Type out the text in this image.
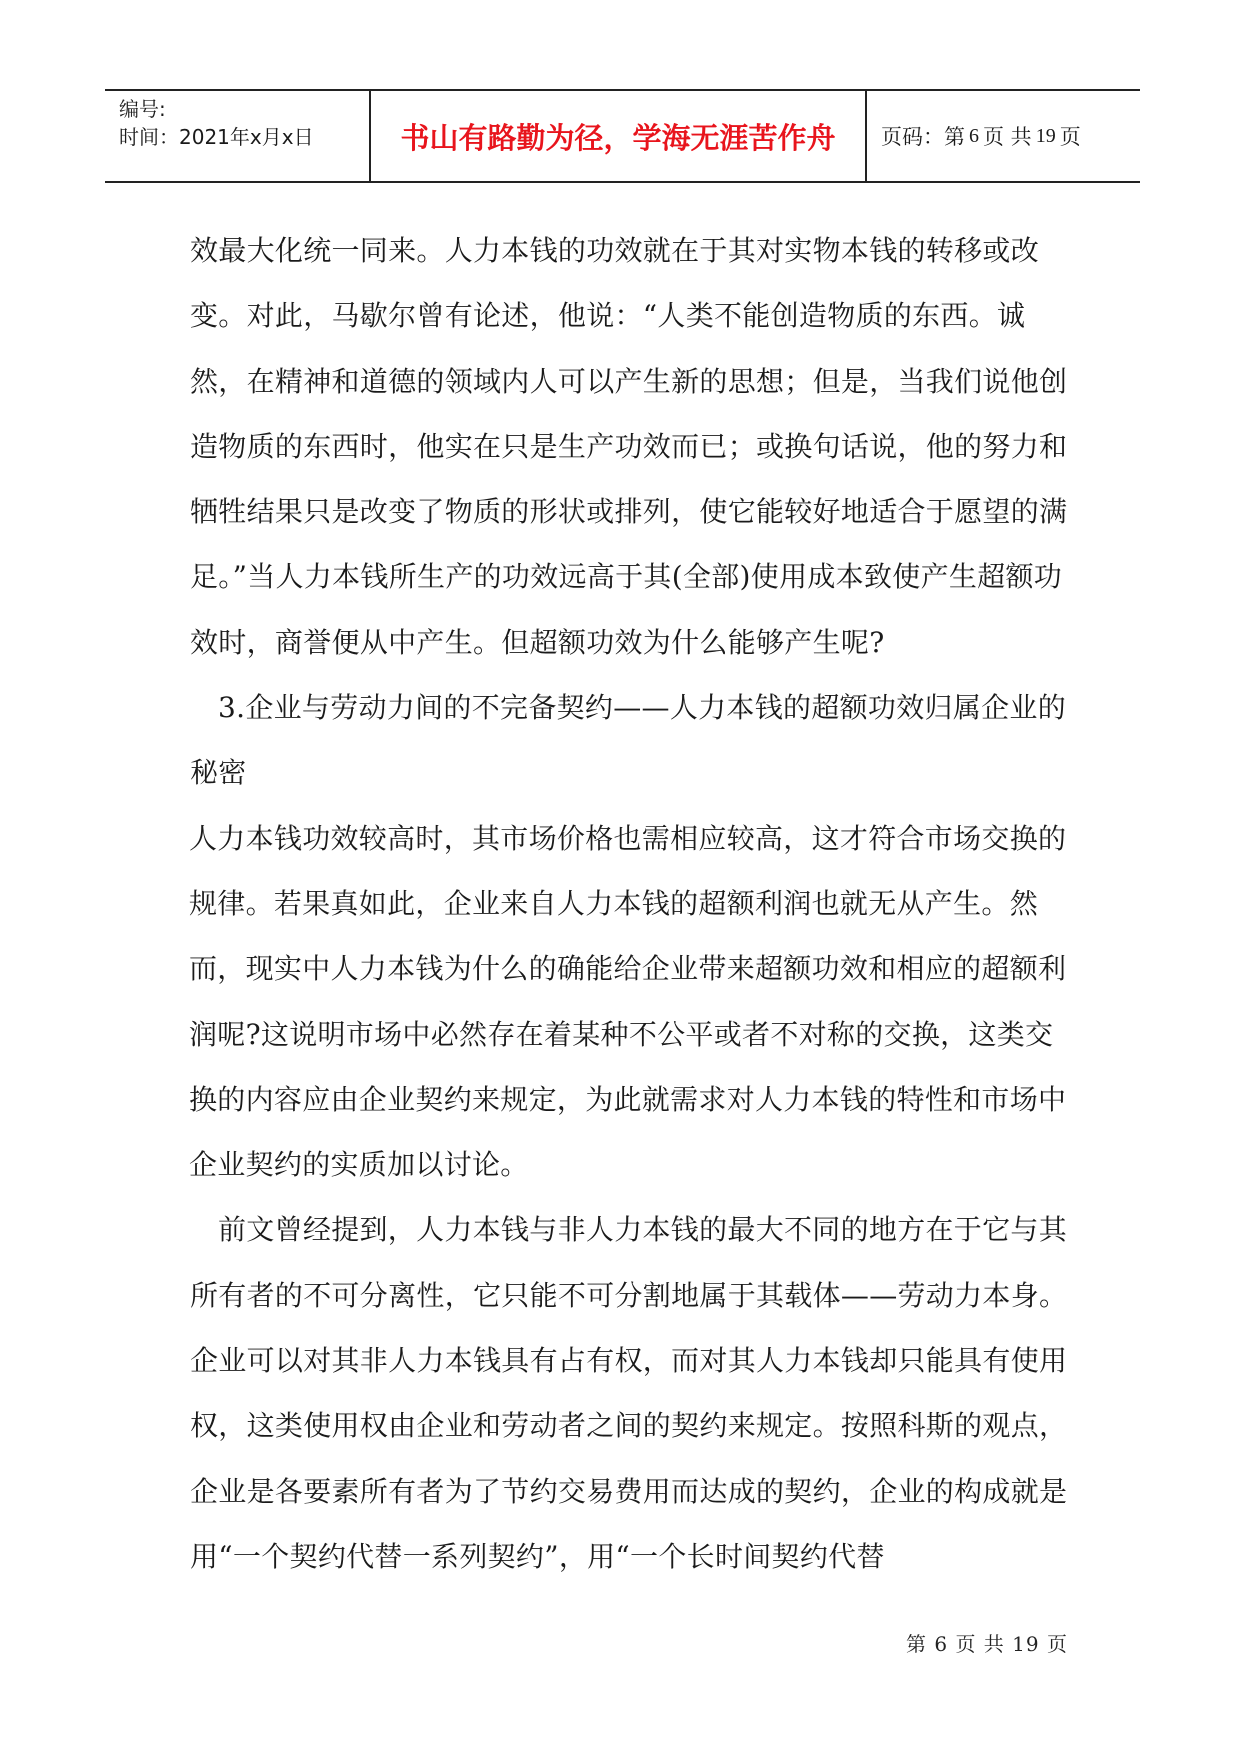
编号:
时间：2021年x月x日	书山有路勤为径，学海无涯苦作舟	页码：第 6 页 共 19 页

效最大化统一同来。人力本钱的功效就在于其对实物本钱的转移或改变。对此，马歇尔曾有论述，他说：“人类不能创造物质的东西。诚然，在精神和道德的领域内人可以产生新的思想；但是，当我们说他创造物质的东西时，他实在只是生产功效而已；或换句话说，他的努力和牺牲结果只是改变了物质的形状或排列，使它能较好地适合于愿望的满足。”当人力本钱所生产的功效远高于其(全部)使用成本致使产生超额功效时，商誉便从中产生。但超额功效为什么能够产生呢?

3.企业与劳动力间的不完备契约——人力本钱的超额功效归属企业的秘密

人力本钱功效较高时，其市场价格也需相应较高，这才符合市场交换的规律。若果真如此，企业来自人力本钱的超额利润也就无从产生。然而，现实中人力本钱为什么的确能给企业带来超额功效和相应的超额利润呢?这说明市场中必然存在着某种不公平或者不对称的交换，这类交换的内容应由企业契约来规定，为此就需求对人力本钱的特性和市场中企业契约的实质加以讨论。

前文曾经提到，人力本钱与非人力本钱的最大不同的地方在于它与其所有者的不可分离性，它只能不可分割地属于其载体——劳动力本身。企业可以对其非人力本钱具有占有权，而对其人力本钱却只能具有使用权，这类使用权由企业和劳动者之间的契约来规定。按照科斯的观点，企业是各要素所有者为了节约交易费用而达成的契约，企业的构成就是用“一个契约代替一系列契约”，用“一个长时间契约代替

第 6 页 共 19 页
